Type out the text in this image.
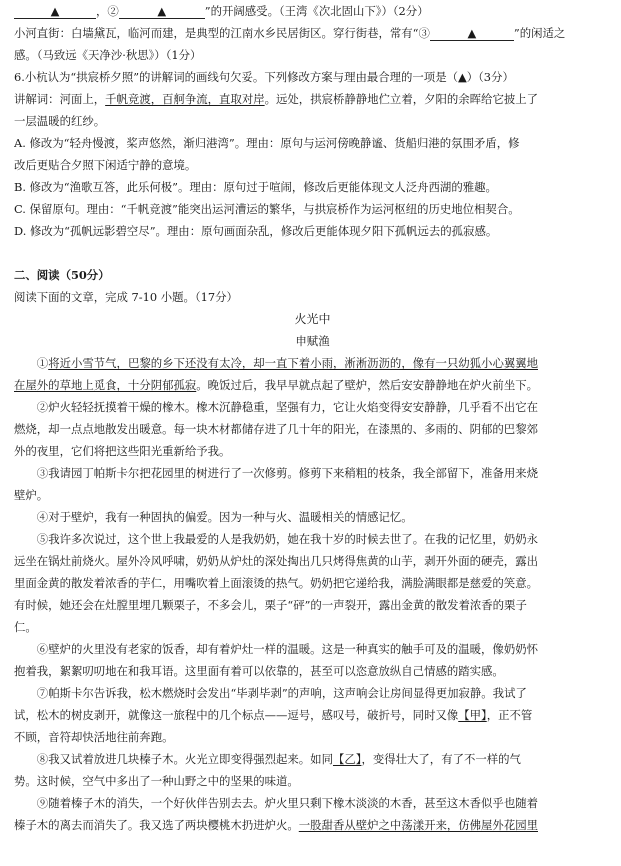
▲	，②	▲	”的开阔感受。（王湾《次北固山下》）（2分）
小河直街：白墙黛瓦，临河而建，是典型的江南水乡民居街区。穿行街巷，常有“③	▲	”的闲适之
感。（马致远《天净沙·秋思》）（1分）
6.小杭认为“拱宸桥夕照”的讲解词的画线句欠妥。下列修改方案与理由最合理的一项是（▲）（3分）
讲解词：河面上，千帆竞渡，百舸争流，直取对岸。远处，拱宸桥静静地伫立着，夕阳的余晖给它披上了
一层温暖的红纱。
A. 修改为“轻舟慢渡，桨声悠然，渐归港湾”。理由：原句与运河傍晚静谧、货船归港的氛围矛盾，修
改后更贴合夕照下闲适宁静的意境。
B. 修改为“渔歌互答，此乐何极”。理由：原句过于喧闹，修改后更能体现文人泛舟西湖的雅趣。
C. 保留原句。理由：“千帆竞渡”能突出运河漕运的繁华，与拱宸桥作为运河枢纽的历史地位相契合。
D. 修改为“孤帆远影碧空尽”。理由：原句画面杂乱，修改后更能体现夕阳下孤帆远去的孤寂感。
二、阅读（50分）
阅读下面的文章，完成 7-10 小题。（17分）
火光中
申赋渔
①将近小雪节气，巴黎的乡下还没有太冷，却一直下着小雨，淅淅沥沥的，像有一只幼狐小心翼翼地
在屋外的草地上觅食，十分阴郁孤寂。晚饭过后，我早早就点起了壁炉，然后安安静静地在炉火前坐下。
②炉火轻轻抚摸着干燥的橡木。橡木沉静稳重，坚强有力，它让火焰变得安安静静，几乎看不出它在
燃烧，却一点点地散发出暖意。每一块木材都储存进了几十年的阳光，在漆黑的、多雨的、阴郁的巴黎郊
外的夜里，它们将把这些阳光重新给予我。
③我请园丁帕斯卡尔把花园里的树进行了一次修剪。修剪下来稍粗的枝条，我全部留下，准备用来烧
壁炉。
④对于壁炉，我有一种固执的偏爱。因为一种与火、温暖相关的情感记忆。
⑤我许多次说过，这个世上我最爱的人是我奶奶，她在我十岁的时候去世了。在我的记忆里，奶奶永
远坐在锅灶前烧火。屋外冷风呼啸，奶奶从炉灶的深处掏出几只烤得焦黄的山芋，剥开外面的硬壳，露出
里面金黄的散发着浓香的芋仁，用嘴吹着上面滚烫的热气。奶奶把它递给我，满脸满眼都是慈爱的笑意。
有时候，她还会在灶膛里埋几颗栗子，不多会儿，栗子“砰”的一声裂开，露出金黄的散发着浓香的栗子
仁。
⑥壁炉的火里没有老家的饭香，却有着炉灶一样的温暖。这是一种真实的触手可及的温暖，像奶奶怀
抱着我，絮絮叨叨地在和我耳语。这里面有着可以依靠的，甚至可以恣意放纵自己情感的踏实感。
⑦帕斯卡尔告诉我，松木燃烧时会发出“毕剥毕剥”的声响，这声响会让房间显得更加寂静。我试了
试，松木的树皮剥开，就像这一旅程中的几个标点——逗号，感叹号，破折号，同时又像【甲】，正不管
不顾，音符却快活地往前奔跑。
⑧我又试着放进几块榛子木。火光立即变得强烈起来。如同【乙】，变得壮大了，有了不一样的气
势。这时候，空气中多出了一种山野之中的坚果的味道。
⑨随着榛子木的消失，一个好伙伴告别去去。炉火里只剩下橡木淡淡的木香，甚至这木香似乎也随着
榛子木的离去而消失了。我又选了两块樱桃木扔进炉火。一股甜香从壁炉之中荡漾开来，仿佛屋外花园里
